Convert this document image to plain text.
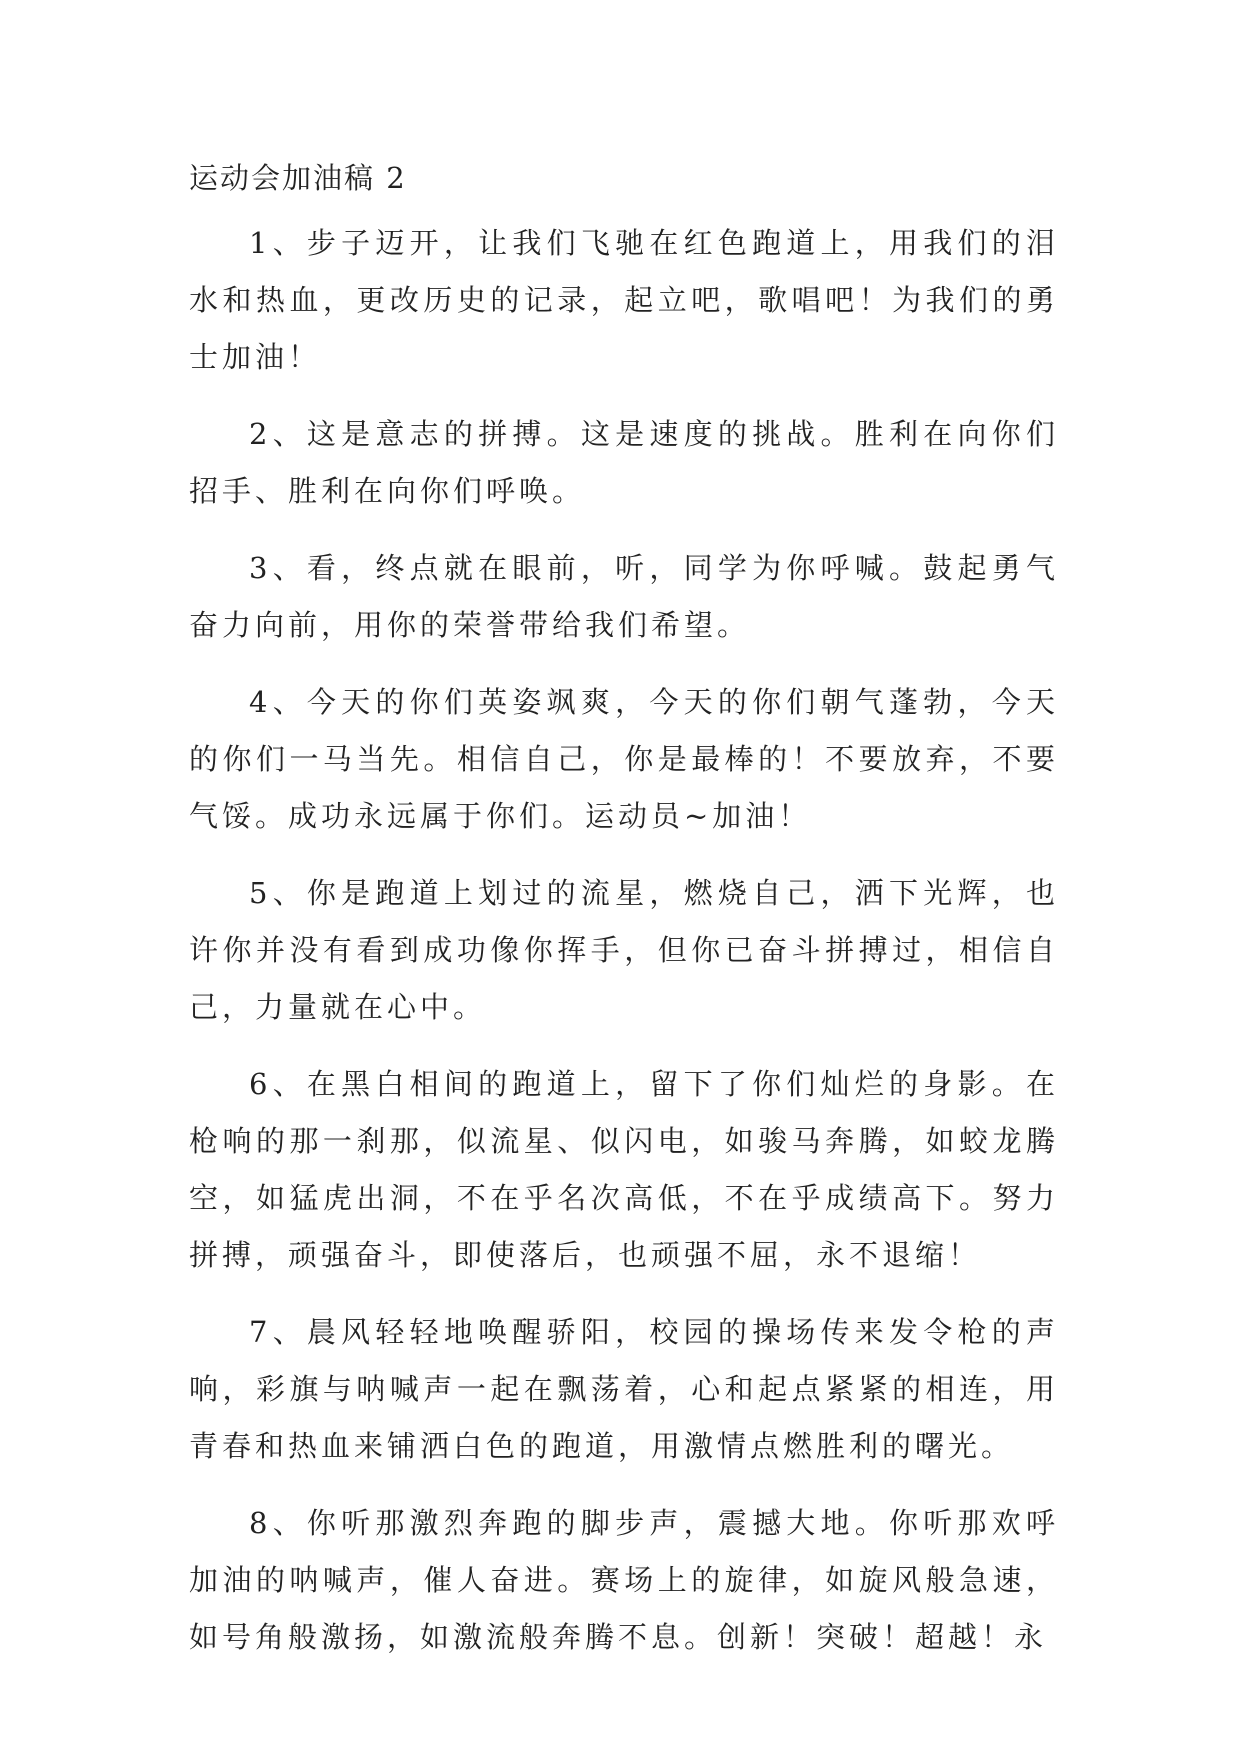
运动会加油稿 2

1、步子迈开，让我们飞驰在红色跑道上，用我们的泪水和热血，更改历史的记录，起立吧，歌唱吧！为我们的勇士加油！

2、这是意志的拼搏。这是速度的挑战。胜利在向你们招手、胜利在向你们呼唤。

3、看，终点就在眼前，听，同学为你呼喊。鼓起勇气奋力向前，用你的荣誉带给我们希望。

4、今天的你们英姿飒爽，今天的你们朝气蓬勃，今天的你们一马当先。相信自己，你是最棒的！不要放弃，不要气馁。成功永远属于你们。运动员~加油！

5、你是跑道上划过的流星，燃烧自己，洒下光辉，也许你并没有看到成功像你挥手，但你已奋斗拼搏过，相信自己，力量就在心中。

6、在黑白相间的跑道上，留下了你们灿烂的身影。在枪响的那一刹那，似流星、似闪电，如骏马奔腾，如蛟龙腾空，如猛虎出洞，不在乎名次高低，不在乎成绩高下。努力拼搏，顽强奋斗，即使落后，也顽强不屈，永不退缩！

7、晨风轻轻地唤醒骄阳，校园的操场传来发令枪的声响，彩旗与呐喊声一起在飘荡着，心和起点紧紧的相连，用青春和热血来铺洒白色的跑道，用激情点燃胜利的曙光。

8、你听那激烈奔跑的脚步声，震撼大地。你听那欢呼加油的呐喊声，催人奋进。赛场上的旋律，如旋风般急速，如号角般激扬，如激流般奔腾不息。创新！突破！超越！永
